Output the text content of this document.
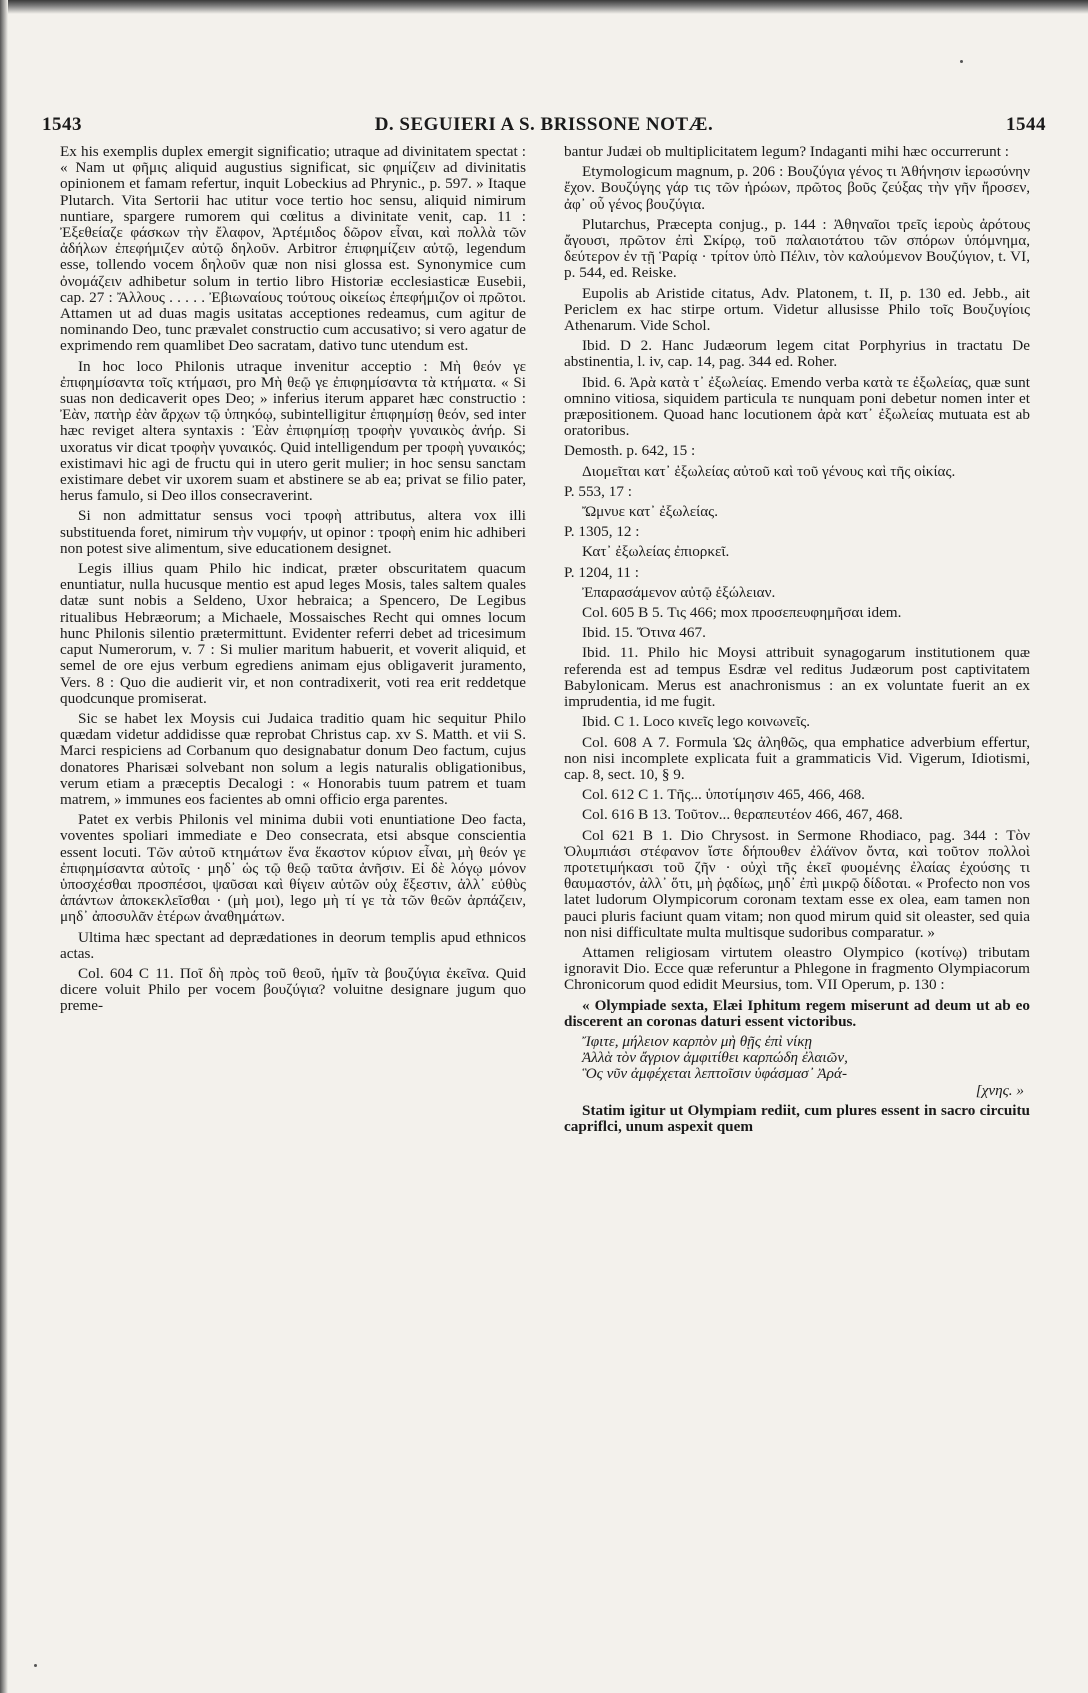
1543	D. SEGUIERI A S. BRISSONE NOTÆ.	1544

Ex his exemplis duplex emergit significatio; utraque ad divinitatem spectat : « Nam ut φῆμις aliquid augustius significat, sic φημίζειν ad divinitatis opinionem et famam refertur, inquit Lobeckius ad Phrynic., p. 597. » Itaque Plutarch. Vita Sertorii hac utitur voce tertio hoc sensu, aliquid nimirum nuntiare, spargere rumorem qui cœlitus a divinitate venit, cap. 11 : Ἐξεθείαζε φάσκων τὴν ἔλαφον, Ἀρτέμιδος δῶρον εἶναι, καὶ πολλὰ τῶν ἀδήλων ἐπεφήμιζεν αὐτῷ δηλοῦν. Arbitror ἐπιφημίζειν αὐτῷ, legendum esse, tollendo vocem δηλοῦν quæ non nisi glossa est. Synonymice cum ὀνομάζειν adhibetur solum in tertio libro Historiæ ecclesiasticæ Eusebii, cap. 27 : Ἄλλους . . . . . Ἐβιωναίους τούτους οἰκείως ἐπεφήμιζον οἱ πρῶτοι. Attamen ut ad duas magis usitatas acceptiones redeamus, cum agitur de nominando Deo, tunc prævalet constructio cum accusativo; si vero agatur de exprimendo rem quamlibet Deo sacratam, dativo tunc utendum est.

In hoc loco Philonis utraque invenitur acceptio : Μὴ θεόν γε ἐπιφημίσαντα τοῖς κτήμασι, pro Μὴ θεῷ γε ἐπιφημίσαντα τὰ κτήματα. « Si suas non dedicaverit opes Deo; » inferius iterum apparet hæc constructio : Ἐὰν, πατὴρ ἐὰν ἄρχων τῷ ὑπηκόῳ, subintelligitur ἐπιφημίσῃ θεόν, sed inter hæc reviget altera syntaxis : Ἐὰν ἐπιφημίσῃ τροφὴν γυναικὸς ἀνήρ. Si uxoratus vir dicat τροφὴν γυναικός. Quid intelligendum per τροφὴ γυναικός; existimavi hic agi de fructu qui in utero gerit mulier; in hoc sensu sanctam existimare debet vir uxorem suam et abstinere se ab ea; privat se filio pater, herus famulo, si Deo illos consecraverint.

Si non admittatur sensus voci τροφὴ attributus, altera vox illi substituenda foret, nimirum τὴν νυμφήν, ut opinor : τροφὴ enim hic adhiberi non potest sive alimentum, sive educationem designet.

Legis illius quam Philo hic indicat, præter obscuritatem quacum enuntiatur, nulla hucusque mentio est apud leges Mosis, tales saltem quales datæ sunt nobis a Seldeno, Uxor hebraica; a Spencero, De Legibus ritualibus Hebræorum; a Michaele, Mossaisches Recht qui omnes locum hunc Philonis silentio prætermittunt. Evidenter referri debet ad tricesimum caput Numerorum, v. 7 : Si mulier maritum habuerit, et voverit aliquid, et semel de ore ejus verbum egrediens animam ejus obligaverit juramento, Vers. 8 : Quo die audierit vir, et non contradixerit, voti rea erit reddetque quodcunque promiserat.

Sic se habet lex Moysis cui Judaica traditio quam hic sequitur Philo quædam videtur addidisse quæ reprobat Christus cap. xv S. Matth. et vii S. Marci respiciens ad Corbanum quo designabatur donum Deo factum, cujus donatores Pharisæi solvebant non solum a legis naturalis obligationibus, verum etiam a præceptis Decalogi : « Honorabis tuum patrem et tuam matrem, » immunes eos facientes ab omni officio erga parentes.

Patet ex verbis Philonis vel minima dubii voti enuntiatione Deo facta, voventes spoliari immediate e Deo consecrata, etsi absque conscientia essent locuti. Τῶν αὐτοῦ κτημάτων ἕνα ἕκαστον κύριον εἶναι, μὴ θεόν γε ἐπιφημίσαντα αὐτοῖς · μηδ᾽ ὡς τῷ θεῷ ταῦτα ἀνῆσιν. Εἰ δὲ λόγῳ μόνον ὑποσχέσθαι προσπέσοι, ψαῦσαι καὶ θίγειν αὐτῶν οὐχ ἔξεστιν, ἀλλ᾽ εὐθὺς ἁπάντων ἀποκεκλεῖσθαι · (μὴ μοι), lego μὴ τί γε τὰ τῶν θεῶν ἁρπάζειν, μηδ᾽ ἀποσυλᾶν ἑτέρων ἀναθημάτων.

Ultima hæc spectant ad deprædationes in deorum templis apud ethnicos actas.

Col. 604 C 11. Ποῖ δὴ πρὸς τοῦ θεοῦ, ἡμῖν τὰ βουζύγια ἐκεῖνα. Quid dicere voluit Philo per vocem βουζύγια? voluitne designare jugum quo preme-

bantur Judæi ob multiplicitatem legum? Indaganti mihi hæc occurrerunt :

Etymologicum magnum, p. 206 : Βουζύγια γένος τι Ἀθήνησιν ἱερωσύνην ἔχον. Βουζύγης γάρ τις τῶν ἡρώων, πρῶτος βοῦς ζεύξας τὴν γῆν ἤροσεν, ἀφ᾽ οὗ γένος βουζύγια.

Plutarchus, Præcepta conjug., p. 144 : Ἀθηναῖοι τρεῖς ἱεροὺς ἀρότους ἄγουσι, πρῶτον ἐπὶ Σκίρῳ, τοῦ παλαιοτάτου τῶν σπόρων ὑπόμνημα, δεύτερον ἐν τῇ Ῥαρίᾳ · τρίτον ὑπὸ Πέλιν, τὸν καλούμενον Βουζύγιον, t. VI, p. 544, ed. Reiske.

Eupolis ab Aristide citatus, Adv. Platonem, t. II, p. 130 ed. Jebb., ait Periclem ex hac stirpe ortum. Videtur allusisse Philo τοῖς Βουζυγίοις Athenarum. Vide Schol.

Ibid. D 2. Hanc Judæorum legem citat Porphyrius in tractatu De abstinentia, l. iv, cap. 14, pag. 344 ed. Roher.

Ibid. 6. Ἀρὰ κατὰ τ᾽ ἐξωλείας. Emendo verba κατὰ τε ἐξωλείας, quæ sunt omnino vitiosa, siquidem particula τε nunquam poni debetur nomen inter et præpositionem. Quoad hanc locutionem ἀρὰ κατ᾽ ἐξωλείας mutuata est ab oratoribus.

Demosth. p. 642, 15 :

Διομεῖται κατ᾽ ἐξωλείας αὐτοῦ καὶ τοῦ γένους καὶ τῆς οἰκίας.

P. 553, 17 :

Ὤμνυε κατ᾽ ἐξωλείας.

P. 1305, 12 :

Κατ᾽ ἐξωλείας ἐπιορκεῖ.

P. 1204, 11 :

Ἐπαρασάμενον αὐτῷ ἐξώλειαν.

Col. 605 B 5. Τις 466; mox προσεπευφημῆσαι idem.

Ibid. 15. Ὄτινα 467.

Ibid. 11. Philo hic Moysi attribuit synagogarum institutionem quæ referenda est ad tempus Esdræ vel reditus Judæorum post captivitatem Babylonicam. Merus est anachronismus : an ex voluntate fuerit an ex imprudentia, id me fugit.

Ibid. C 1. Loco κινεῖς lego κοινωνεῖς.

Col. 608 A 7. Formula Ὡς ἀληθῶς, qua emphatice adverbium effertur, non nisi incomplete explicata fuit a grammaticis Vid. Vigerum, Idiotismi, cap. 8, sect. 10, § 9.

Col. 612 C 1. Τῆς... ὑποτίμησιν 465, 466, 468.

Col. 616 B 13. Τοῦτον... θεραπευτέον 466, 467, 468.

Col 621 B 1. Dio Chrysost. in Sermone Rhodiaco, pag. 344 : Τὸν Ὀλυμπιάσι στέφανον ἴστε δήπουθεν ἐλάϊνον ὄντα, καὶ τοῦτον πολλοὶ προτετιμήκασι τοῦ ζῆν · οὐχὶ τῆς ἐκεῖ φυομένης ἐλαίας ἐχούσης τι θαυμαστόν, ἀλλ᾽ ὅτι, μὴ ῥᾳδίως, μηδ᾽ ἐπὶ μικρῷ δίδοται. « Profecto non vos latet ludorum Olympicorum coronam textam esse ex olea, eam tamen non pauci pluris faciunt quam vitam; non quod mirum quid sit oleaster, sed quia non nisi difficultate multa multisque sudoribus comparatur. »

Attamen religiosam virtutem oleastro Olympico (κοτίνῳ) tributam ignoravit Dio. Ecce quæ referuntur a Phlegone in fragmento Olympiacorum Chronicorum quod edidit Meursius, tom. VII Operum, p. 130 :

« Olympiade sexta, Elæi Iphitum regem miserunt ad deum ut ab eo discerent an coronas daturi essent victoribus.

Ἴφιτε, μήλειον καρπὸν μὴ θῇς ἐπὶ νίκῃ

Ἀλλὰ τὸν ἄγριον ἀμφιτίθει καρπώδη ἐλαιῶν,

Ὃς νῦν ἀμφέχεται λεπτοῖσιν ὑφάσμασ᾽ Ἀρά-

[χνης. »

Statim igitur ut Olympiam rediit, cum plures essent in sacro circuitu capriflci, unum aspexit quem
